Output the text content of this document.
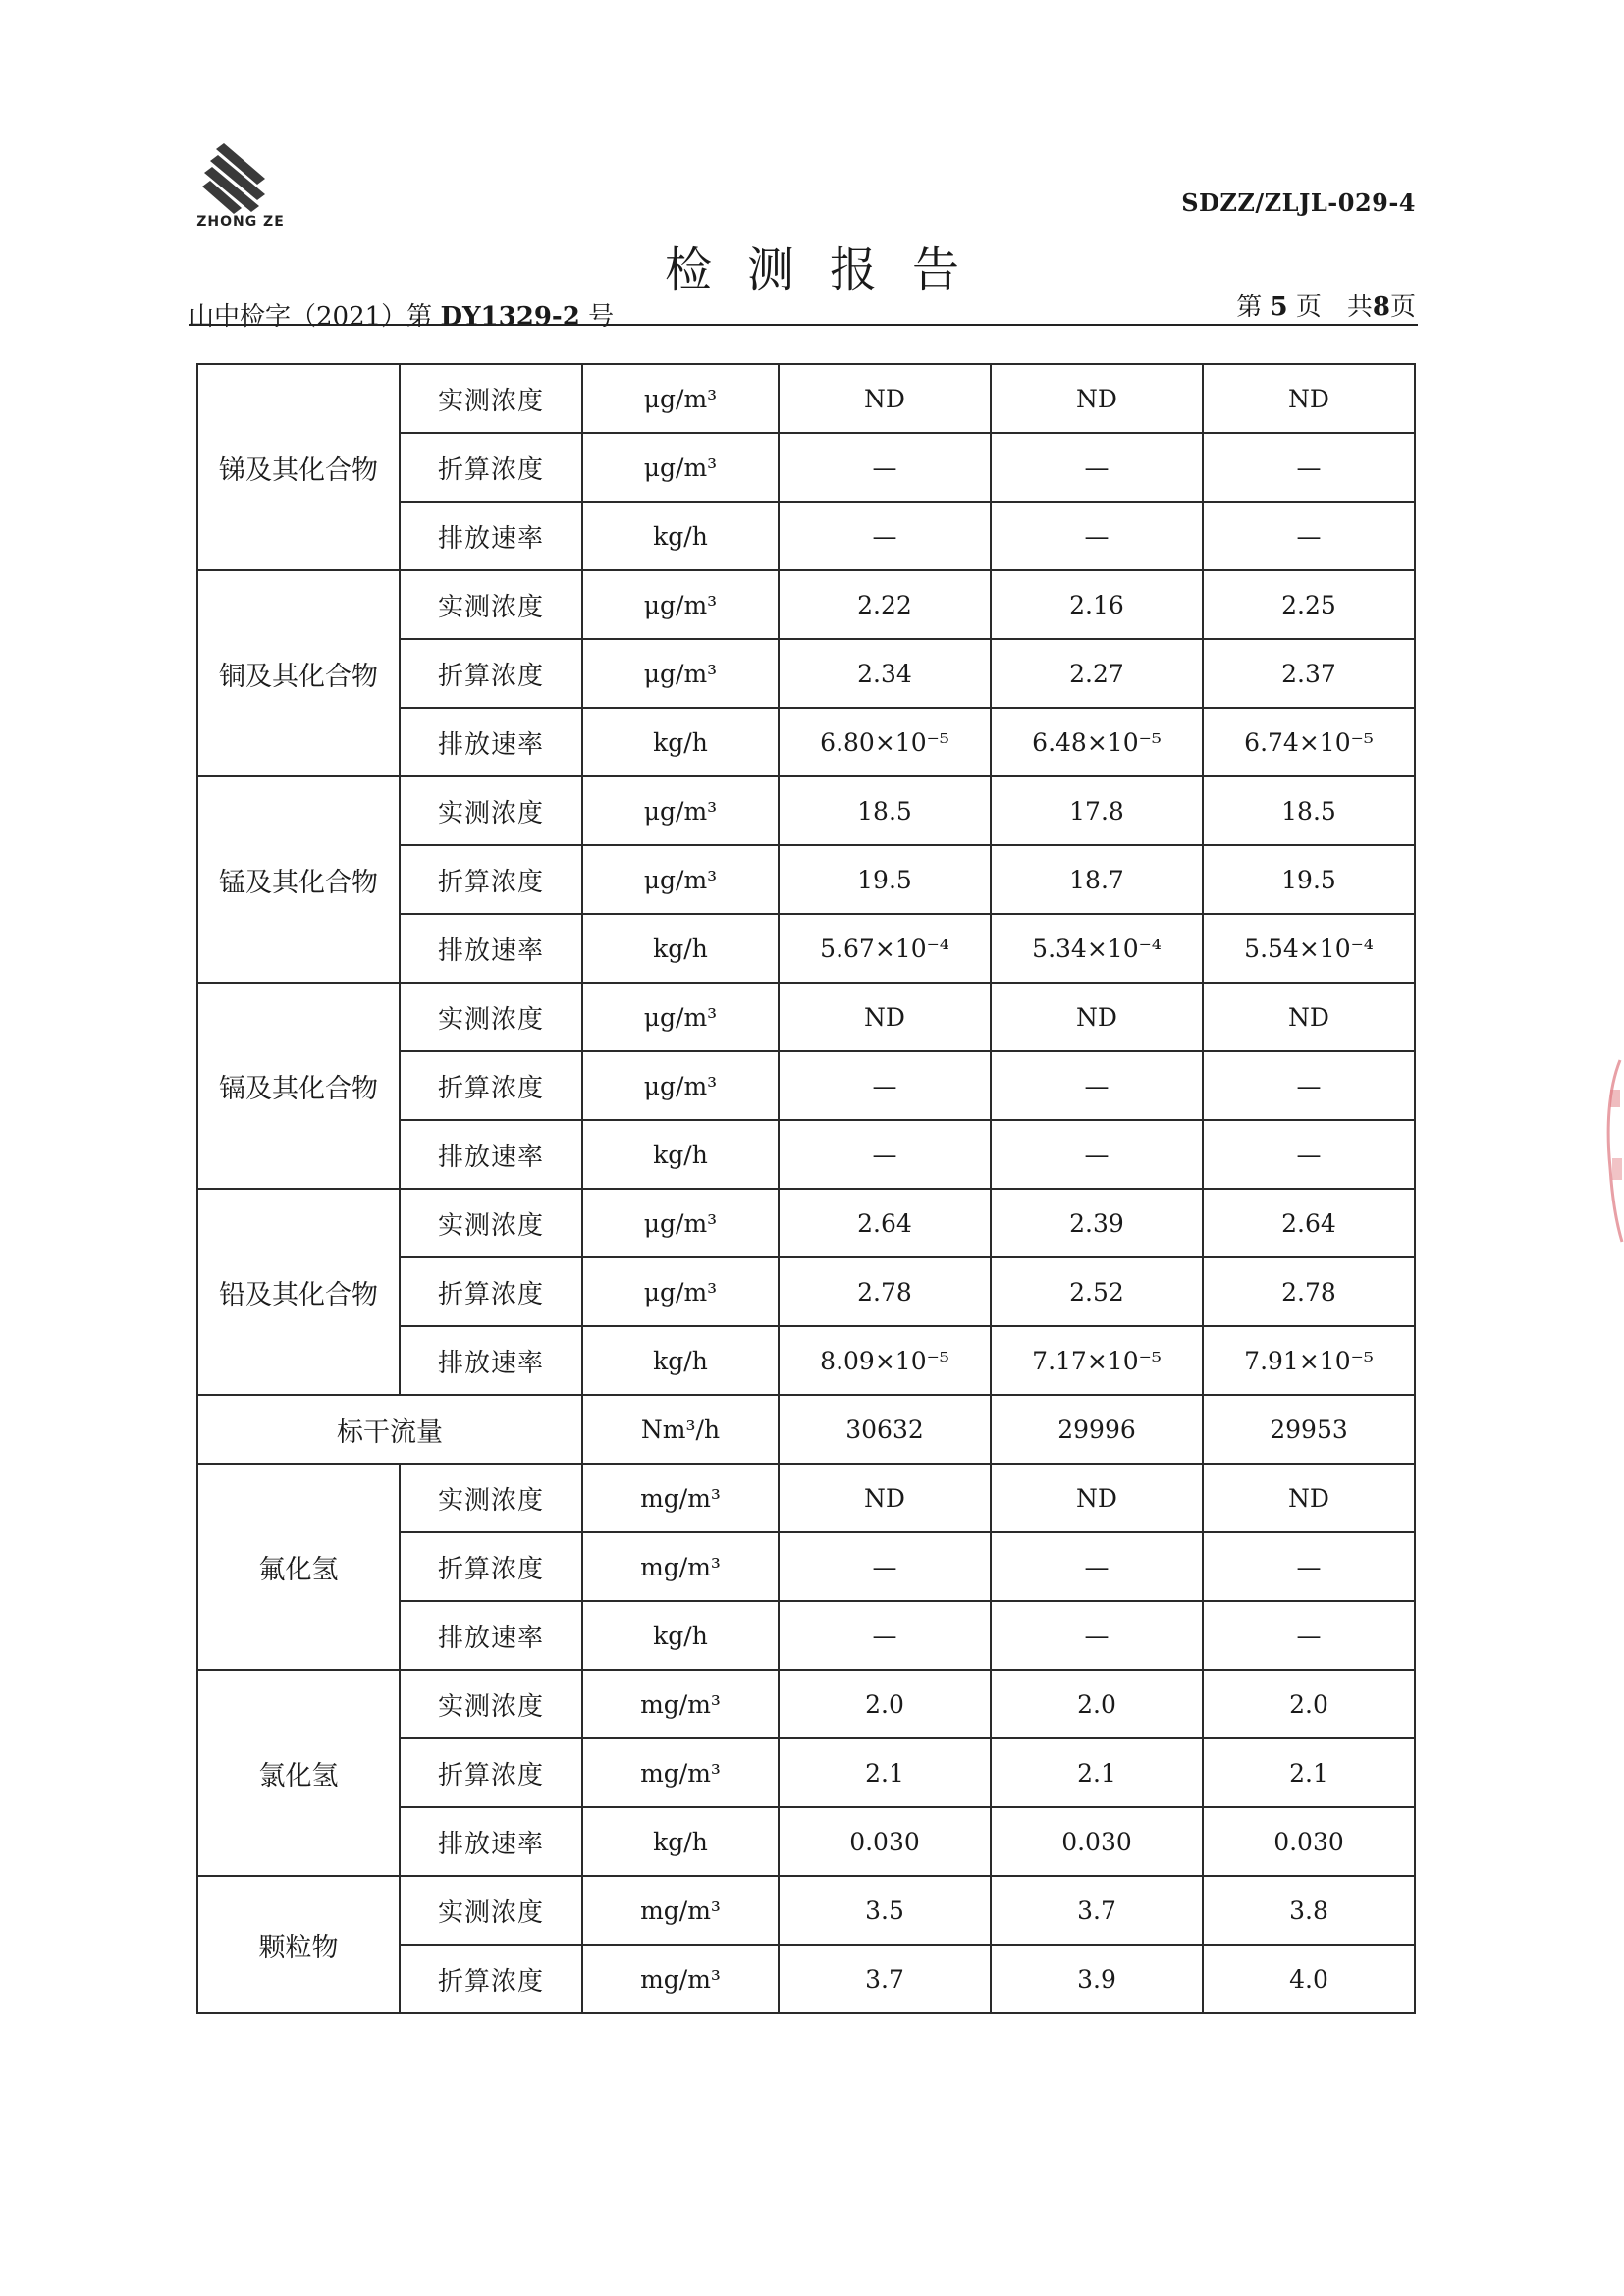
ZHONG ZE
SDZZ/ZLJL-029-4
检测报告
山中检字（2021）第 DY1329-2 号	第 5 页　共8页
锑及其化合物	实测浓度	μg/m³	ND	ND	ND
	折算浓度	μg/m³	—	—	—
	排放速率	kg/h	—	—	—
铜及其化合物	实测浓度	μg/m³	2.22	2.16	2.25
	折算浓度	μg/m³	2.34	2.27	2.37
	排放速率	kg/h	6.80×10⁻⁵	6.48×10⁻⁵	6.74×10⁻⁵
锰及其化合物	实测浓度	μg/m³	18.5	17.8	18.5
	折算浓度	μg/m³	19.5	18.7	19.5
	排放速率	kg/h	5.67×10⁻⁴	5.34×10⁻⁴	5.54×10⁻⁴
镉及其化合物	实测浓度	μg/m³	ND	ND	ND
	折算浓度	μg/m³	—	—	—
	排放速率	kg/h	—	—	—
铅及其化合物	实测浓度	μg/m³	2.64	2.39	2.64
	折算浓度	μg/m³	2.78	2.52	2.78
	排放速率	kg/h	8.09×10⁻⁵	7.17×10⁻⁵	7.91×10⁻⁵
标干流量		Nm³/h	30632	29996	29953
氟化氢	实测浓度	mg/m³	ND	ND	ND
	折算浓度	mg/m³	—	—	—
	排放速率	kg/h	—	—	—
氯化氢	实测浓度	mg/m³	2.0	2.0	2.0
	折算浓度	mg/m³	2.1	2.1	2.1
	排放速率	kg/h	0.030	0.030	0.030
颗粒物	实测浓度	mg/m³	3.5	3.7	3.8
	折算浓度	mg/m³	3.7	3.9	4.0
